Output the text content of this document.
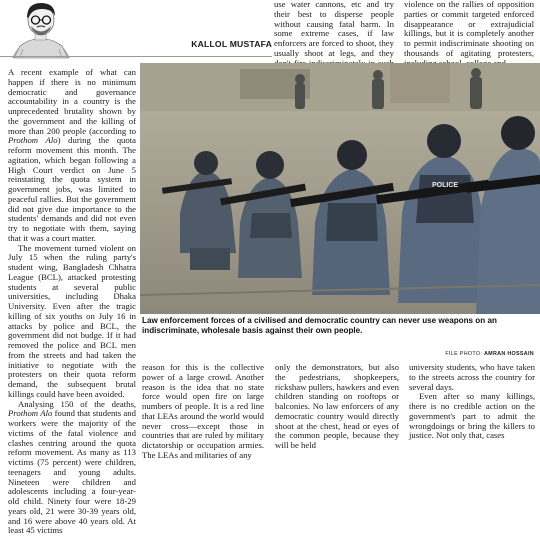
KALLOL MUSTAFA
use water cannons, etc and try their best to disperse people without causing fatal harm. In some extreme cases, if law enforcers are forced to shoot, they usually shoot at legs, and they
violence on the rallies of opposition parties or commit targeted enforced disappearance or extrajudicial killings, but it is completely another to permit indiscriminate shooting on thousands of agitating protesters,

A recent example of what can happen if there is no minimum democratic and governance accountability in a country is the unprecedented brutality shown by the government and the killing of more than 200 people (according to Prothom Alo) during the quota reform movement this month. The agitation, which began following a High Court verdict on June 5 reinstating the quota system in government jobs, was limited to peaceful rallies. But the government did not give due importance to the students' demands and did not even try to negotiate with them, saying that it was a court matter.

The movement turned violent on July 15 when the ruling party's student wing, Bangladesh Chhatra League (BCL), attacked protesting students at several public universities, including Dhaka University. Even after the tragic killing of six youths on July 16 in attacks by police and BCL, the government did not budge. If it had removed the police and BCL men from the streets and had taken the initiative to negotiate with the protesters on their quota reform demand, the subsequent brutal killings could have been avoided.

Analysing 150 of the deaths, Prothom Alo found that students and workers were the majority of the victims of the fatal violence and clashes centring around the quota reform movement. As many as 113 victims (75 percent) were children, teenagers and young adults. Nineteen were children and adolescents including a four-year-old child. Ninety four were 18-29 years old, 21 were 30-39 years old, and 16 were above 40 years old. At least 45 victims

POLICE
Law enforcement forces of a civilised and democratic country can never use weapons on an indiscriminate, wholesale basis against their own people.
FILE PHOTO: AMRAN HOSSAIN
reason for this is the collective power of a large crowd. Another reason is the idea that no state force would open fire on large numbers of people. It is a red line that LEAs around the world would never cross—except those in countries that are ruled by military dictatorship or occupation armies. The LEAs and militaries of any
only the demonstrators, but also the pedestrians, shopkeepers, rickshaw pullers, hawkers and even children standing on rooftops or balconies. No law enforcers of any democratic country would directly shoot at the chest, head or eyes of the common people, because they will be held

university students, who have taken to the streets across the country for several days.

Even after so many killings, there is no credible action on the government's part to admit the wrongdoings or bring the killers to justice. Not only that, cases
